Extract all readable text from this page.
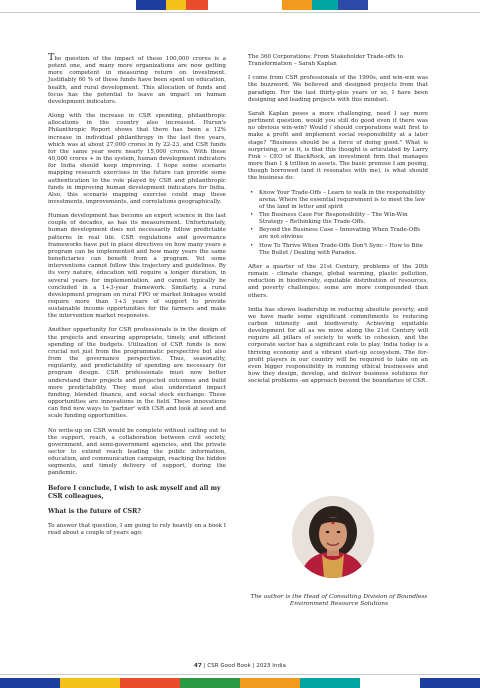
The question of the impact of these 100,000 crores is a potent one, and many more organizations are now getting more competent in measuring return on investment. Justifiably 60 % of these funds have been spent on education, health, and rural development. This allocation of funds and focus has the potential to leave an impact on human development indicators.

Along with the increase in CSR spending, philanthropic allocations in the country also increased. Hurun's Philanthropic Report shows that there has been a 12% increase in individual philanthropy in the last five years, which was at about 27,000 crores in fy 22-23, and CSR funds for the same year were nearly 15,000 crores. With these 40,000 crores + in the system, human development indicators for India should keep improving. I hope some scenario mapping research exercises in the future can provide some authentication to the role played by CSR and philanthropic funds in improving human development indicators for India. Also, this scenario mapping exercise could map these investments, improvements, and correlations geographically.

Human development has become an expert science in the last couple of decades, as has its measurement. Unfortunately, human development does not necessarily follow predictable patterns in real life. CSR regulations and governance frameworks have put in place directives on how many years a program can be implemented and how many years the same beneficiaries can benefit from a program. Yet some interventions cannot follow this trajectory and guidelines. By its very nature, education will require a longer duration, in several years for implementation, and cannot typically be concluded in a 1+3-year framework. Similarly, a rural development program on rural FPO or market linkages would require more than 1+3 years of support to provide sustainable income opportunities for the farmers and make the intervention market responsive.

Another opportunity for CSR professionals is in the design of the projects and ensuring appropriate, timely, and efficient spending of the budgets. Utilization of CSR funds is now crucial not just from the programmatic perspective but also from the governance perspective. Thus, seasonality, regularity, and predictability of spending are necessary for program design. CSR professionals must now better understand their projects and projected outcomes and build more predictability. They must also understand impact funding, blended finance, and social stock exchange. These opportunities are innovations in the field. These innovations can find new ways to 'partner' with CSR and look at seed and scale funding opportunities.

No write-up on CSR would be complete without calling out to the support, reach, a collaboration between civil society, government, and semi-government agencies, and the private sector to extend reach leading the public information, education, and communication campaign, reaching the hidden segments, and timely delivery of support, during the pandemic.

Before I conclude, I wish to ask myself and all my CSR colleagues,

What is the future of CSR?

To answer that question, I am going to rely heavily on a book I read about a couple of years ago:

The 360 Corporations: From Stakeholder Trade-offs to Transformation – Sarah Kaplan

I come from CSR professionals of the 1990s, and win-win was the buzzword. We believed and designed projects from that paradigm. For the last thirty-plus years or so, I have been designing and leading projects with this mindset.

Sarah Kaplan poses a more challenging, need I say more pertinent question, would you still do good even if there was no obvious win-win? Would / should corporations wait first to make a profit and implement social responsibility at a later stage? "Business should be a force of doing good." What is surprising, or is it, is that this thought is articulated by Larry Fink – CEO of BlackRock, an investment firm that manages more than 1 $ trillion in assets. The basic premise I am posing, though borrowed (and it resonates with me), is what should the business do:

• Know Your Trade-Offs – Learn to walk in the responsibility arena. Where the essential requirement is to meet the law of the land in letter and spirit
• The Business Case For Responsibility – The Win-Win Strategy – Rethinking the Trade-Offs.
• Beyond the Business Case – Innovating When Trade-Offs are not obvious
• How To Thrive When Trade-Offs Don't Sync – How to Bite The Bullet / Dealing with Paradox.

After a quarter of the 21st Century, problems of the 20th remain - climate change, global warming, plastic pollution, reduction in biodiversity, equitable distribution of resources, and poverty challenges; some are more compounded than others.

India has shown leadership in reducing absolute poverty, and we have made some significant commitments to reducing carbon intensity and biodiversity. Achieving equitable development for all as we move along the 21st Century will require all pillars of society to work in cohesion, and the corporate sector has a significant role to play. India today is a thriving economy and a vibrant start-up ecosystem. The for-profit players in our country will be required to take on an even bigger responsibility in running ethical businesses and how they design, develop, and deliver business solutions for societal problems -an approach beyond the boundaries of CSR.

The author is the Head of Consulting Division of Boundless Environment Resource Solutions

47 | CSR Good Book | 2023 India
